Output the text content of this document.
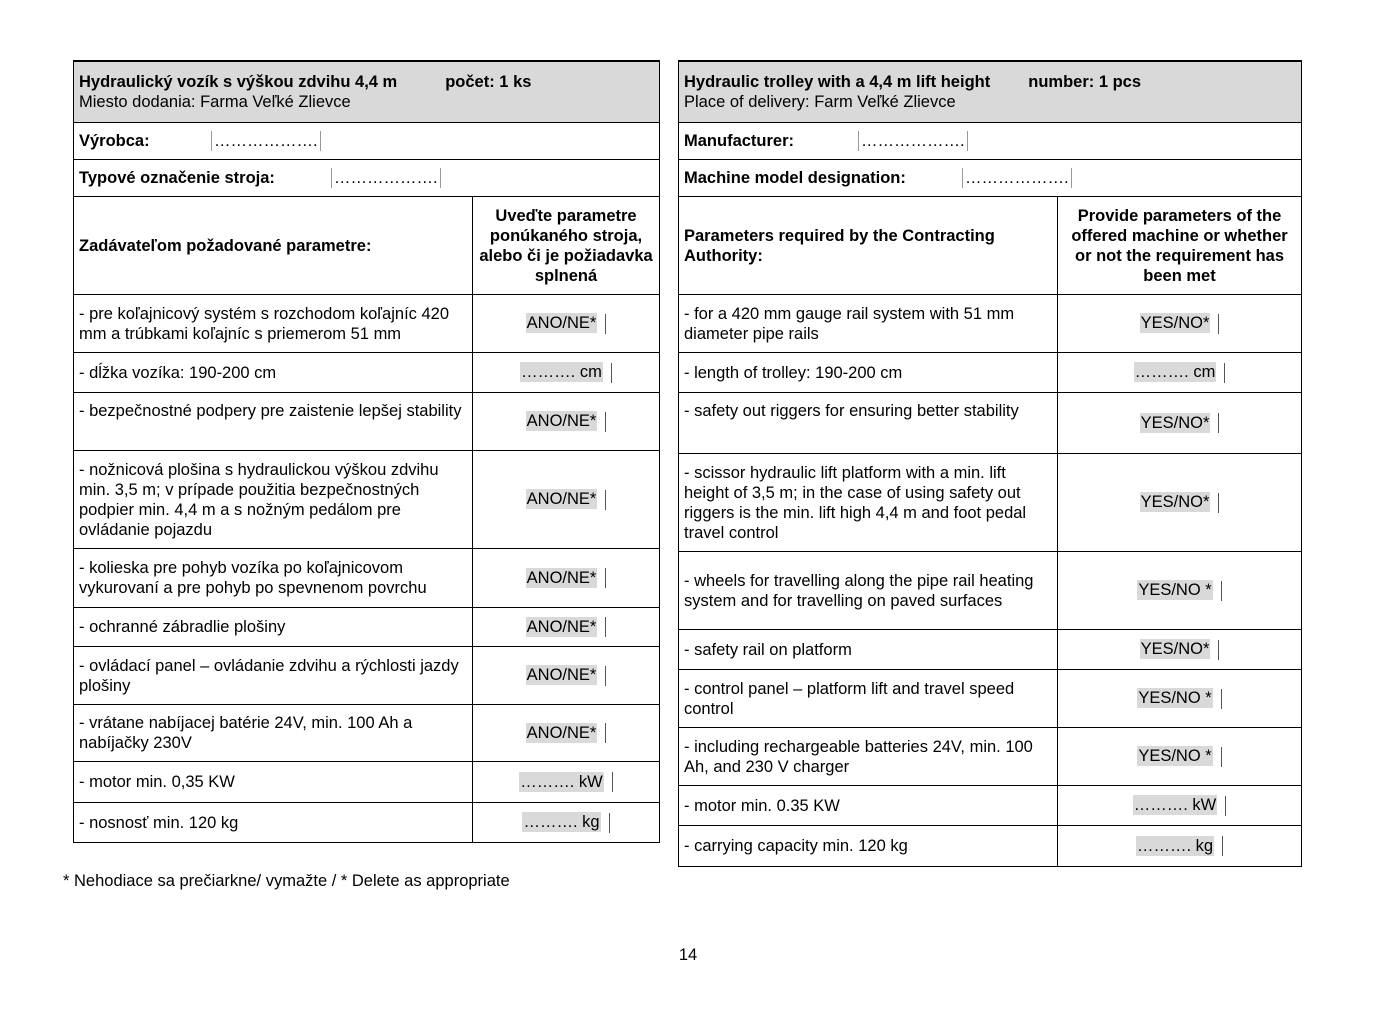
Hydraulický vozík s výškou zdvihu 4,4 m počet: 1 ks
Miesto dodania: Farma Veľké Zlievce	

Výrobca: ……………….	
Typové označenie stroja: ……………….	
Zadávateľom požadované parametre:	Uveďte parametre ponúkaného stroja, alebo či je požiadavka splnená
- pre koľajnicový systém s rozchodom koľajníc 420 mm a trúbkami koľajníc s priemerom 51 mm	ANO/NE*
- dĺžka vozíka: 190-200 cm	………. cm
- bezpečnostné podpery pre zaistenie lepšej stability	ANO/NE*
- nožnicová plošina s hydraulickou výškou zdvihu min. 3,5 m; v prípade použitia bezpečnostných podpier min. 4,4 m a s nožným pedálom pre ovládanie pojazdu	ANO/NE*
- kolieska pre pohyb vozíka po koľajnicovom vykurovaní a pre pohyb po spevnenom povrchu	ANO/NE*
- ochranné zábradlie plošiny	ANO/NE*
- ovládací panel – ovládanie zdvihu a rýchlosti jazdy plošiny	ANO/NE*
- vrátane nabíjacej batérie 24V, min. 100 Ah a nabíjačky 230V	ANO/NE*
- motor min. 0,35 KW	………. kW
- nosnosť min. 120 kg	………. kg
Hydraulic trolley with a 4,4 m lift height number: 1 pcs
Place of delivery: Farm Veľké Zlievce	

Manufacturer: ……………….	
Machine model designation: ……………….	
Parameters required by the Contracting Authority:	Provide parameters of the offered machine or whether or not the requirement has been met
- for a 420 mm gauge rail system with 51 mm diameter pipe rails	YES/NO*
- length of trolley: 190-200 cm	………. cm
- safety out riggers for ensuring better stability	YES/NO*
- scissor hydraulic lift platform with a min. lift height of 3,5 m; in the case of using safety out riggers is the min. lift high 4,4 m and foot pedal travel control	YES/NO*
- wheels for travelling along the pipe rail heating system and for travelling on paved surfaces	YES/NO *
- safety rail on platform	YES/NO*
- control panel – platform lift and travel speed control	YES/NO *
- including rechargeable batteries 24V, min. 100 Ah, and 230 V charger	YES/NO *
- motor min. 0.35 KW	………. kW
- carrying capacity min. 120 kg	………. kg
* Nehodiace sa prečiarkne/ vymažte / * Delete as appropriate
14
